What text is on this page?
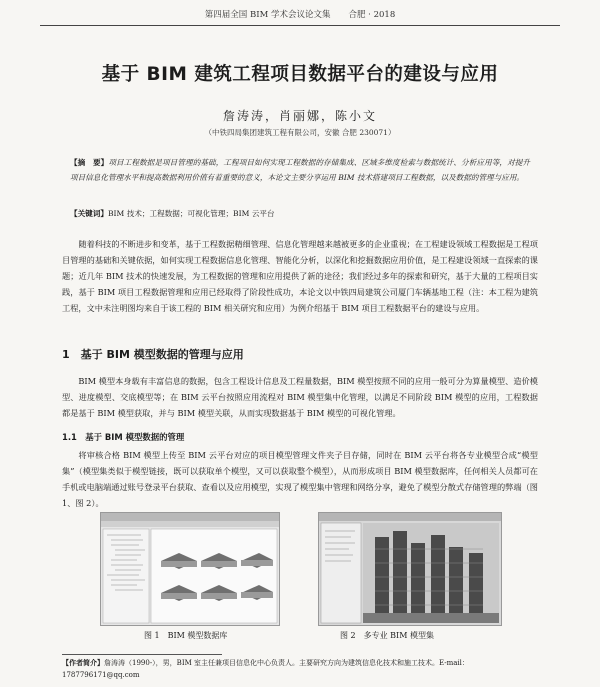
第四届全国 BIM 学术会议论文集 合肥 · 2018
基于 BIM 建筑工程项目数据平台的建设与应用
詹涛涛，肖丽娜，陈小文
（中铁四局集团建筑工程有限公司，安徽 合肥 230071）
【摘　要】项目工程数据是项目管理的基础，工程项目如何实现工程数据的存储集成、区域多维度检索与数据统计、分析应用等，对提升项目信息化管理水平和提高数据利用价值有着重要的意义，本论文主要分享运用 BIM 技术搭建项目工程数据，以及数据的管理与应用。
【关键词】BIM 技术；工程数据；可视化管理；BIM 云平台
随着科技的不断进步和变革，基于工程数据精细管理、信息化管理越来越被更多的企业重视；在工程建设领域工程数据是工程项目管理的基础和关键依据，如何实现工程数据信息化管理、智能化分析，以深化和挖掘数据应用价值，是工程建设领域一直探索的课题；近几年 BIM 技术的快速发展，为工程数据的管理和应用提供了新的途径；我们经过多年的探索和研究，基于大量的工程项目实践，基于 BIM 项目工程数据管理和应用已经取得了阶段性成功，本论文以中铁四局建筑公司厦门车辆基地工程（注：本工程为建筑工程，文中未注明图均来自于该工程的 BIM 相关研究和应用）为例介绍基于 BIM 项目工程数据平台的建设与应用。
1　基于 BIM 模型数据的管理与应用
BIM 模型本身载有丰富信息的数据，包含工程设计信息及工程量数据，BIM 模型按照不同的应用一般可分为算量模型、造价模型、进度模型、交底模型等；在 BIM 云平台按照应用流程对 BIM 模型集中化管理，以满足不同阶段 BIM 模型的应用，工程数据都是基于 BIM 模型获取，并与 BIM 模型关联，从而实现数据基于 BIM 模型的可视化管理。
1.1　基于 BIM 模型数据的管理
将审核合格 BIM 模型上传至 BIM 云平台对应的项目模型管理文件夹子目存储，同时在 BIM 云平台将各专业模型合成“模型集”（模型集类似于模型链接，既可以获取单个模型，又可以获取整个模型），从而形成项目 BIM 模型数据库，任何相关人员都可在手机或电脑端通过账号登录平台获取、查看以及应用模型，实现了模型集中管理和网络分享，避免了模型分散式存储管理的弊端（图 1、图 2）。
图 1　BIM 模型数据库	图 2　多专业 BIM 模型集
【作者简介】詹涛涛（1990-），男，BIM 室主任兼项目信息化中心负责人。主要研究方向为建筑信息化技术和施工技术。E-mail：1787796171@qq.com
